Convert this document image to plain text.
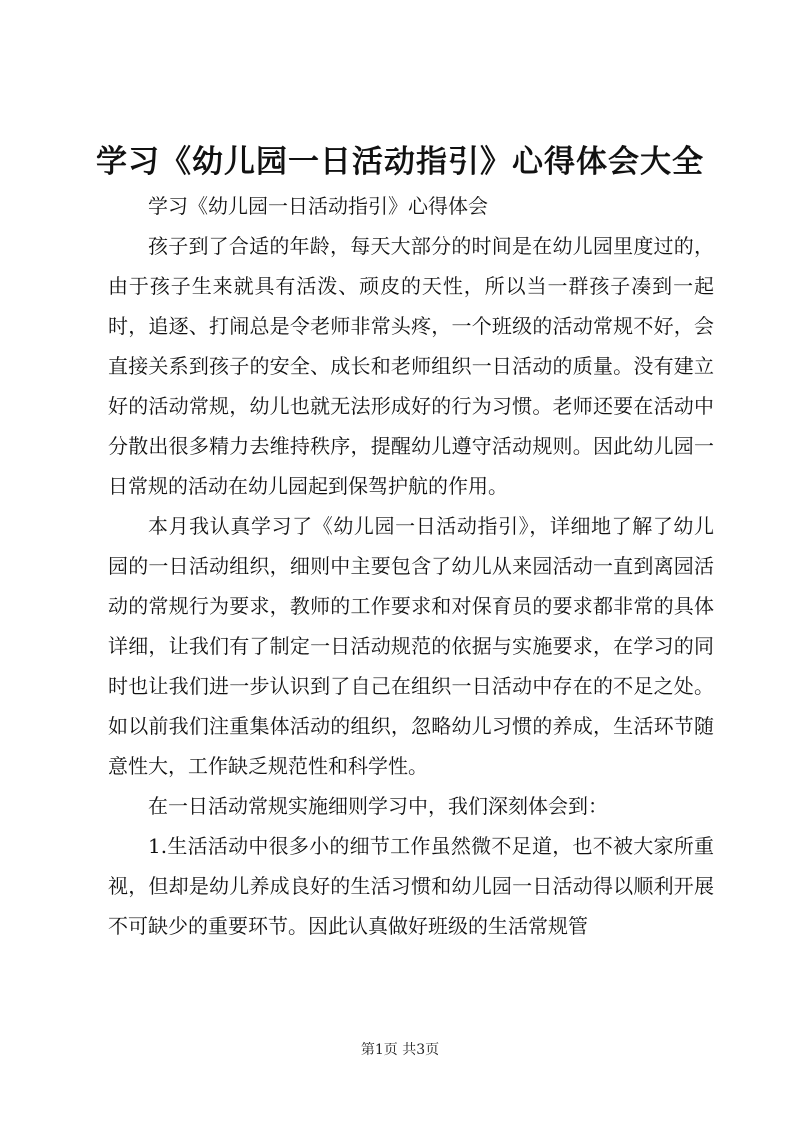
学习《幼儿园一日活动指引》心得体会大全

学习《幼儿园一日活动指引》心得体会

孩子到了合适的年龄，每天大部分的时间是在幼儿园里度过的，由于孩子生来就具有活泼、顽皮的天性，所以当一群孩子凑到一起时，追逐、打闹总是令老师非常头疼，一个班级的活动常规不好，会直接关系到孩子的安全、成长和老师组织一日活动的质量。没有建立好的活动常规，幼儿也就无法形成好的行为习惯。老师还要在活动中分散出很多精力去维持秩序，提醒幼儿遵守活动规则。因此幼儿园一日常规的活动在幼儿园起到保驾护航的作用。

本月我认真学习了《幼儿园一日活动指引》，详细地了解了幼儿园的一日活动组织，细则中主要包含了幼儿从来园活动一直到离园活动的常规行为要求，教师的工作要求和对保育员的要求都非常的具体详细，让我们有了制定一日活动规范的依据与实施要求，在学习的同时也让我们进一步认识到了自己在组织一日活动中存在的不足之处。如以前我们注重集体活动的组织，忽略幼儿习惯的养成，生活环节随意性大，工作缺乏规范性和科学性。

在一日活动常规实施细则学习中，我们深刻体会到：

1.生活活动中很多小的细节工作虽然微不足道，也不被大家所重视，但却是幼儿养成良好的生活习惯和幼儿园一日活动得以顺利开展不可缺少的重要环节。因此认真做好班级的生活常规管

第1页 共3页
